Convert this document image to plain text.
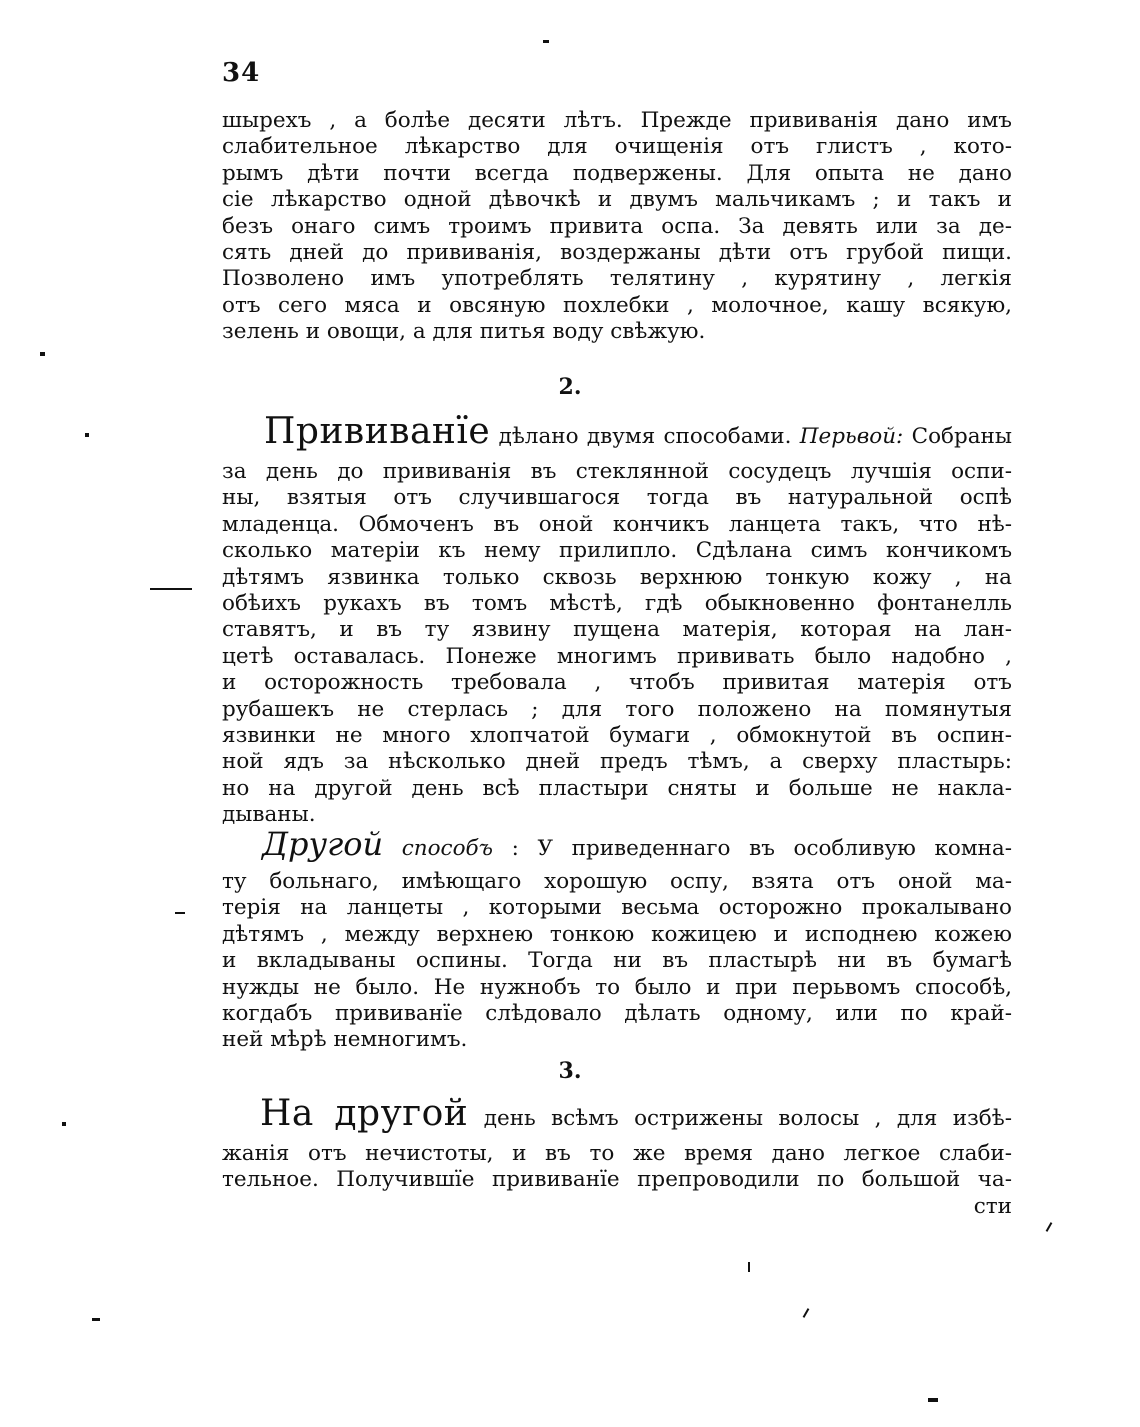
34
шырехъ , а болѣе десяти лѣтъ. Прежде прививанія дано имъ
слабительное лѣкарство для очищенія отъ глистъ , кото-
рымъ дѣти почти всегда подвержены. Для опыта не дано
сіе лѣкарство одной дѣвочкѣ и двумъ мальчикамъ ; и такъ и
безъ онаго симъ троимъ привита оспа. За девять или за де-
сять дней до прививанія, воздержаны дѣти отъ грубой пищи.
Позволено имъ употреблять телятину , курятину , легкія
отъ сего мяса и овсяную похлебки , молочное, кашу всякую,
зелень и овощи, а для питья воду свѣжую.
2.
Прививанїе дѣлано двумя способами. Перьвой: Собраны
за день до прививанія въ стеклянной сосудецъ лучшія оспи-
ны, взятыя отъ случившагося тогда въ натуральной оспѣ
младенца. Обмоченъ въ оной кончикъ ланцета такъ, что нѣ-
сколько матеріи къ нему прилипло. Сдѣлана симъ кончикомъ
дѣтямъ язвинка только сквозь верхнюю тонкую кожу , на
обѣихъ рукахъ въ томъ мѣстѣ, гдѣ обыкновенно фонтанелль
ставятъ, и въ ту язвину пущена матерія, которая на лан-
цетѣ оставалась. Понеже многимъ прививать было надобно ,
и осторожность требовала , чтобъ привитая матерія отъ
рубашекъ не стерлась ; для того положено на помянутыя
язвинки не много хлопчатой бумаги , обмокнутой въ оспин-
ной ядъ за нѣсколько дней предъ тѣмъ, а сверху пластырь:
но на другой день всѣ пластыри сняты и больше не накла-
дываны.
Другой способъ : У приведеннаго въ особливую комна-
ту больнаго, имѣющаго хорошую оспу, взята отъ оной ма-
терія на ланцеты , которыми весьма осторожно прокалывано
дѣтямъ , между верхнею тонкою кожицею и исподнею кожею
и вкладываны оспины. Тогда ни въ пластырѣ ни въ бумагѣ
нужды не было. Не нужнобъ то было и при перьвомъ способѣ,
когдабъ прививанїе слѣдовало дѣлать одному, или по край-
ней мѣрѣ немногимъ.
3.
На другой день всѣмъ острижены волосы , для избѣ-
жанія отъ нечистоты, и въ то же время дано легкое слаби-
тельное. Получившїе прививанїе препроводили по большой ча-
сти
